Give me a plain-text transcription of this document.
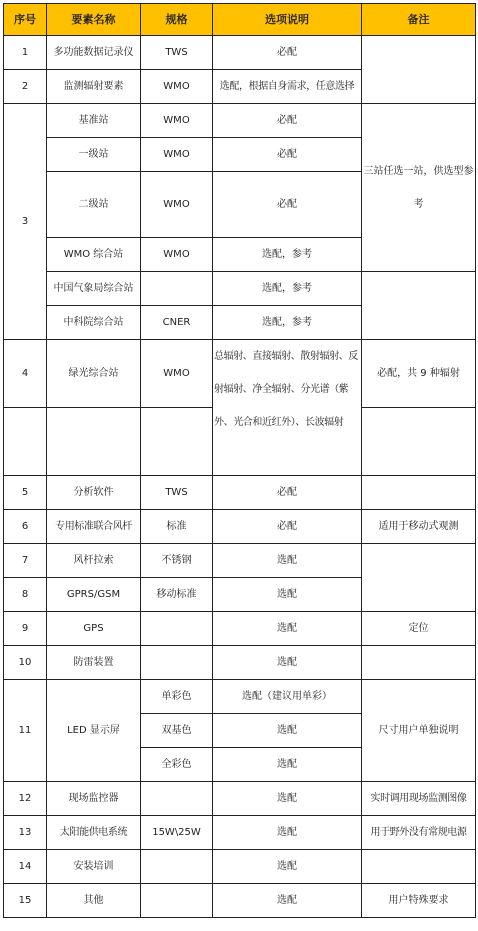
序号	要素名称	规格	选项说明	备注
1	多功能数据记录仪	TWS	必配	
2	监测辐射要素	WMO	选配，根据自身需求，任意选择	
3	基准站	WMO	必配	三站任选一站，供选型参考
	一级站	WMO	必配	
	二级站	WMO	必配	
	WMO 综合站	WMO	选配，参考	
	中国气象局综合站		选配，参考	
	中科院综合站	CNER	选配，参考	
4	绿光综合站	WMO	总辐射、直接辐射、散射辐射、反射辐射、净全辐射、分光谱（紫外、光合和近红外）、长波辐射	必配，共 9 种辐射

5	分析软件	TWS	必配	
6	专用标准联合风杆	标准	必配	适用于移动式观测
7	风杆拉索	不锈钢	选配	
8	GPRS/GSM	移动标准	选配	
9	GPS		选配	定位
10	防雷装置		选配	
11	LED 显示屏	单彩色	选配（建议用单彩）	尺寸用户单独说明
		双基色	选配	
		全彩色	选配	
12	现场监控器		选配	实时调用现场监测图像
13	太阳能供电系统	15W\25W	选配	用于野外没有常规电源
14	安装培训		选配	
15	其他		选配	用户特殊要求
